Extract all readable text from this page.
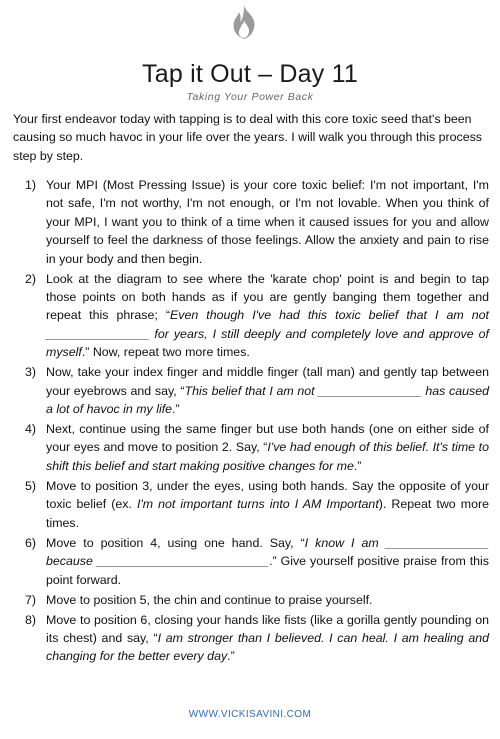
Tap it Out – Day 11
Taking Your Power Back

Your first endeavor today with tapping is to deal with this core toxic seed that's been causing so much havoc in your life over the years. I will walk you through this process step by step.

1) Your MPI (Most Pressing Issue) is your core toxic belief: I'm not important, I'm not safe, I'm not worthy, I'm not enough, or I'm not lovable. When you think of your MPI, I want you to think of a time when it caused issues for you and allow yourself to feel the darkness of those feelings. Allow the anxiety and pain to rise in your body and then begin.
2) Look at the diagram to see where the 'karate chop' point is and begin to tap those points on both hands as if you are gently banging them together and repeat this phrase; “Even though I've had this toxic belief that I am not _______________ for years, I still deeply and completely love and approve of myself.” Now, repeat two more times.
3) Now, take your index finger and middle finger (tall man) and gently tap between your eyebrows and say, “This belief that I am not _______________ has caused a lot of havoc in my life.”
4) Next, continue using the same finger but use both hands (one on either side of your eyes and move to position 2. Say, “I've had enough of this belief. It's time to shift this belief and start making positive changes for me.”
5) Move to position 3, under the eyes, using both hands. Say the opposite of your toxic belief (ex. I'm not important turns into I AM Important). Repeat two more times.
6) Move to position 4, using one hand. Say, “I know I am _______________ because _________________________.” Give yourself positive praise from this point forward.
7) Move to position 5, the chin and continue to praise yourself.
8) Move to position 6, closing your hands like fists (like a gorilla gently pounding on its chest) and say, “I am stronger than I believed. I can heal. I am healing and changing for the better every day.”
WWW.VICKISAVINI.COM
